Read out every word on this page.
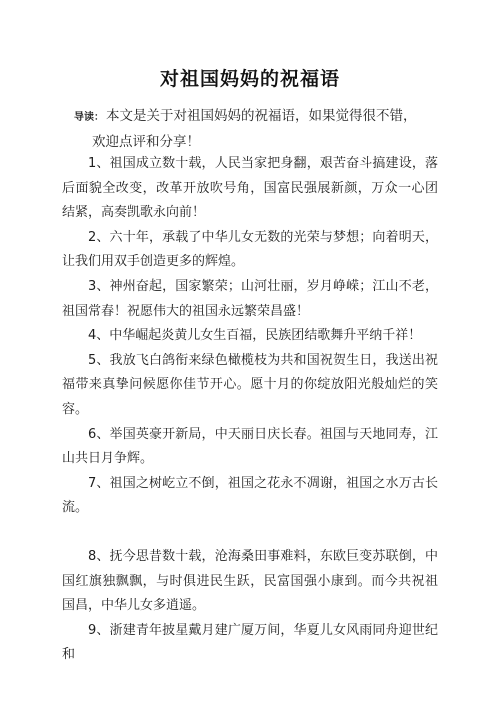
对祖国妈妈的祝福语
导读： 本文是关于对祖国妈妈的祝福语，如果觉得很不错，
欢迎点评和分享！

1、祖国成立数十载，人民当家把身翻，艰苦奋斗搞建设，落后面貌全改变，改革开放吹号角，国富民强展新颜，万众一心团结紧，高奏凯歌永向前！

2、六十年，承载了中华儿女无数的光荣与梦想；向着明天，让我们用双手创造更多的辉煌。

3、神州奋起，国家繁荣；山河壮丽，岁月峥嵘；江山不老，祖国常春！祝愿伟大的祖国永远繁荣昌盛！

4、中华崛起炎黄儿女生百福，民族团结歌舞升平纳千祥！

5、我放飞白鸽衔来绿色橄榄枝为共和国祝贺生日，我送出祝福带来真挚问候愿你佳节开心。愿十月的你绽放阳光般灿烂的笑容。

6、举国英豪开新局，中天丽日庆长春。祖国与天地同寿，江山共日月争辉。

7、祖国之树屹立不倒，祖国之花永不凋谢，祖国之水万古长流。

8、抚今思昔数十载，沧海桑田事难料，东欧巨变苏联倒，中国红旗独飘飘，与时俱进民生跃，民富国强小康到。而今共祝祖国昌，中华儿女多逍遥。

9、浙建青年披星戴月建广厦万间，华夏儿女风雨同舟迎世纪和
